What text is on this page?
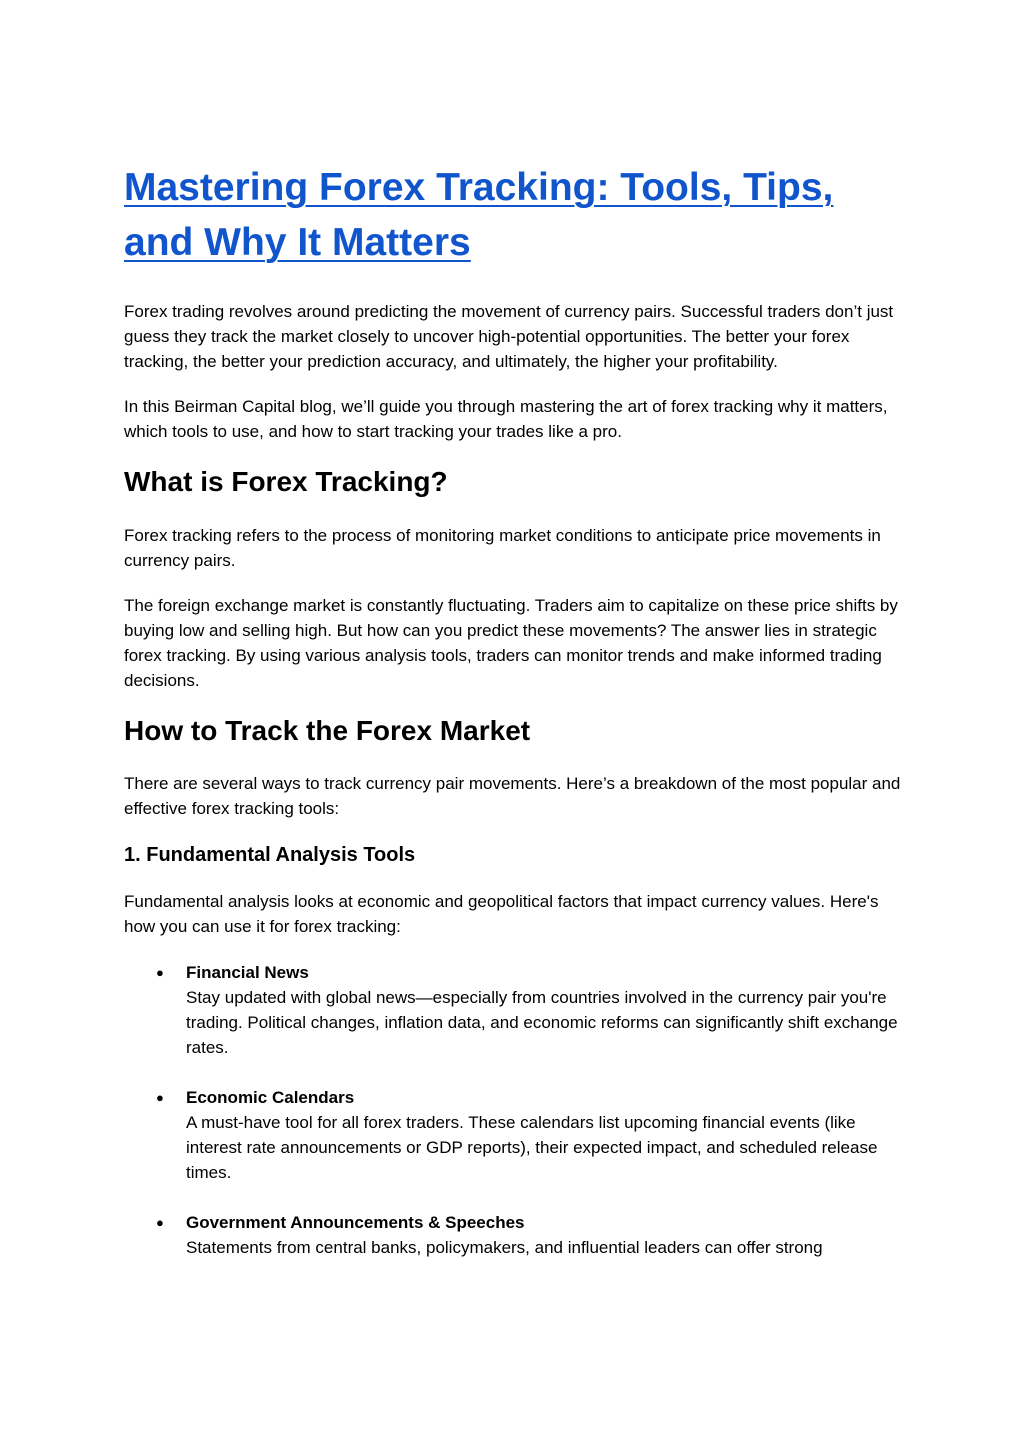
Mastering Forex Tracking: Tools, Tips, and Why It Matters

Forex trading revolves around predicting the movement of currency pairs. Successful traders don’t just guess they track the market closely to uncover high-potential opportunities. The better your forex tracking, the better your prediction accuracy, and ultimately, the higher your profitability.

In this Beirman Capital blog, we’ll guide you through mastering the art of forex tracking why it matters, which tools to use, and how to start tracking your trades like a pro.

What is Forex Tracking?

Forex tracking refers to the process of monitoring market conditions to anticipate price movements in currency pairs.

The foreign exchange market is constantly fluctuating. Traders aim to capitalize on these price shifts by buying low and selling high. But how can you predict these movements? The answer lies in strategic forex tracking. By using various analysis tools, traders can monitor trends and make informed trading decisions.

How to Track the Forex Market

There are several ways to track currency pair movements. Here’s a breakdown of the most popular and effective forex tracking tools:

1. Fundamental Analysis Tools

Fundamental analysis looks at economic and geopolitical factors that impact currency values. Here's how you can use it for forex tracking:

● Financial News
Stay updated with global news—especially from countries involved in the currency pair you're trading. Political changes, inflation data, and economic reforms can significantly shift exchange rates.
● Economic Calendars
A must-have tool for all forex traders. These calendars list upcoming financial events (like interest rate announcements or GDP reports), their expected impact, and scheduled release times.
● Government Announcements & Speeches
Statements from central banks, policymakers, and influential leaders can offer strong
